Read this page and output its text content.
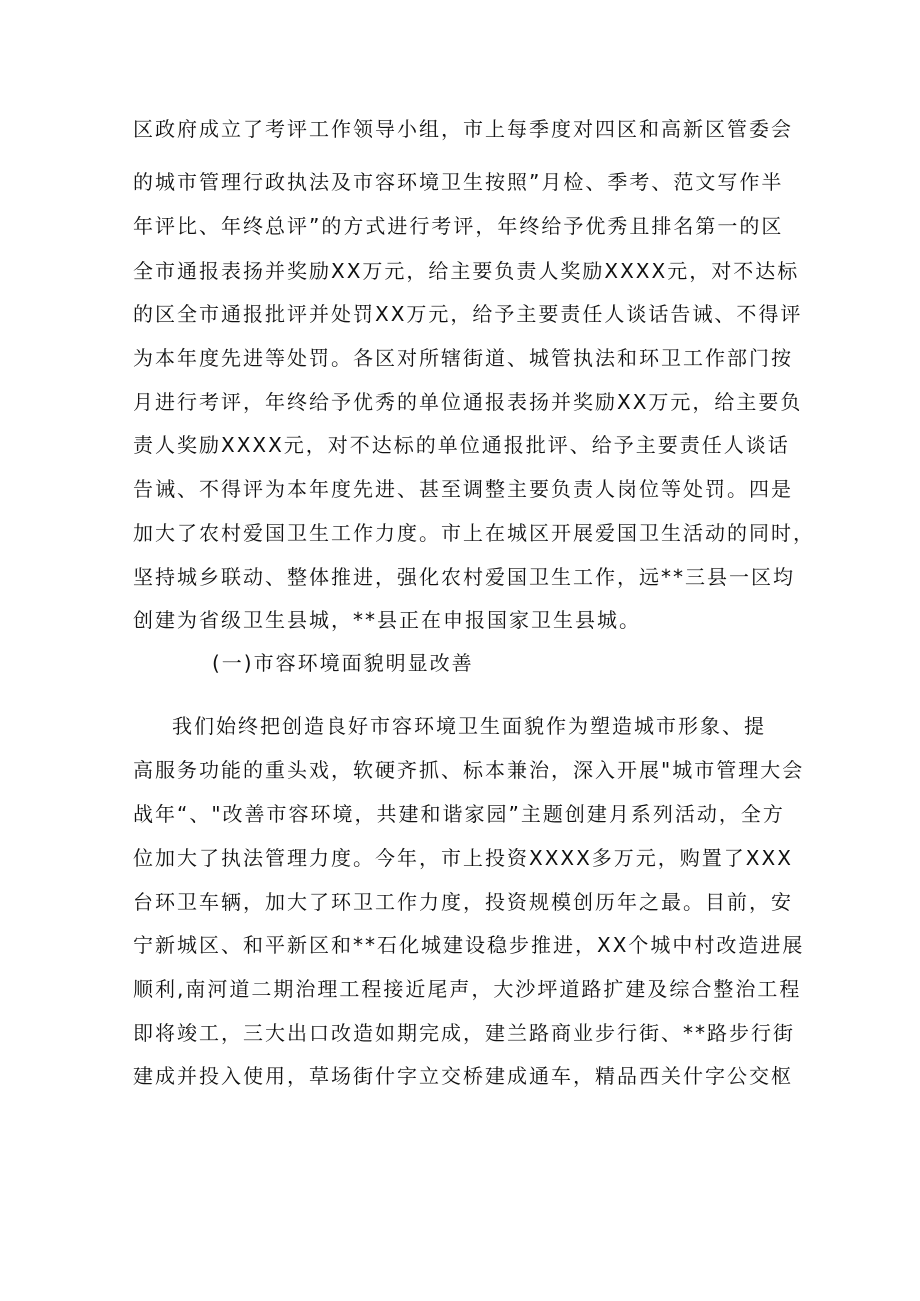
区政府成立了考评工作领导小组，市上每季度对四区和高新区管委会
的城市管理行政执法及市容环境卫生按照”月检、季考、范文写作半
年评比、年终总评”的方式进行考评，年终给予优秀且排名第一的区
全市通报表扬并奖励XX万元，给主要负责人奖励XXXX元，对不达标
的区全市通报批评并处罚XX万元，给予主要责任人谈话告诫、不得评
为本年度先进等处罚。各区对所辖街道、城管执法和环卫工作部门按
月进行考评，年终给予优秀的单位通报表扬并奖励XX万元，给主要负
责人奖励XXXX元，对不达标的单位通报批评、给予主要责任人谈话
告诫、不得评为本年度先进、甚至调整主要负责人岗位等处罚。四是
加大了农村爱国卫生工作力度。市上在城区开展爱国卫生活动的同时，
坚持城乡联动、整体推进，强化农村爱国卫生工作，远**三县一区均
创建为省级卫生县城，**县正在申报国家卫生县城。
(一)市容环境面貌明显改善
我们始终把创造良好市容环境卫生面貌作为塑造城市形象、提
高服务功能的重头戏，软硬齐抓、标本兼治，深入开展"城市管理大会
战年“、"改善市容环境，共建和谐家园”主题创建月系列活动，全方
位加大了执法管理力度。今年，市上投资XXXX多万元，购置了XXX
台环卫车辆，加大了环卫工作力度，投资规模创历年之最。目前，安
宁新城区、和平新区和**石化城建设稳步推进，XX个城中村改造进展
顺利,南河道二期治理工程接近尾声，大沙坪道路扩建及综合整治工程
即将竣工，三大出口改造如期完成，建兰路商业步行街、**路步行街
建成并投入使用，草场街什字立交桥建成通车，精品西关什字公交枢
